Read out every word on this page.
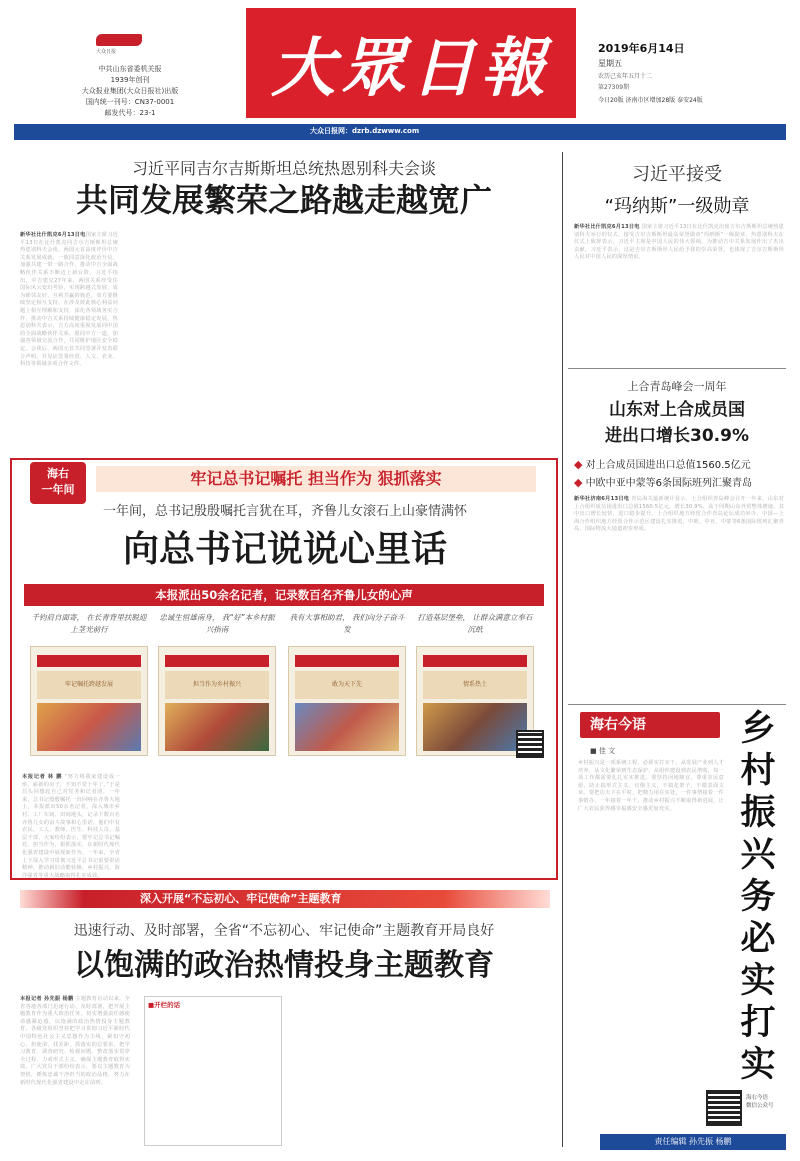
大众日报
中共山东省委机关报
1939年创刊
大众报业集团(大众日报社)出版
国内统一刊号：CN37-0001
邮发代号：23-1
大眾日報	2019年6月14日
星期五
农历己亥年五月十二
第27309期
今日20版 济南市区增加28版 泰安24版
大众日报网：dzrb.dzwww.com
习近平同吉尔吉斯斯坦总统热恩别科夫会谈
共同发展繁荣之路越走越宽广
新华社比什凯克6月13日电国家主席习近平13日在比什凯克同吉尔吉斯斯坦总统热恩别科夫会谈。两国元首高度评价中吉关系发展成就，一致同意深化政治互信，加强共建一带一路合作，推动中吉全面战略伙伴关系不断迈上新台阶。习近平指出，中吉建交27年来，两国关系经受住国际风云变幻考验，实现跨越式发展，成为睦邻友好、互利共赢的典范。双方要继续坚定相互支持，在涉及彼此核心利益问题上相互理解和支持，深化各领域务实合作，推动中吉关系持续健康稳定发展。热恩别科夫表示，吉方高度重视发展同中国的全面战略伙伴关系，愿同中方一道，加强各领域交流合作，共同维护地区安全稳定。会谈后，两国元首共同签署并发表联合声明，并见证签署经贸、人文、农业、科技等领域多项合作文件。
海右
一年间
牢记总书记嘱托 担当作为 狠抓落实
一年间，总书记殷殷嘱托言犹在耳，齐鲁儿女滚石上山豪情满怀
向总书记说说心里话
本报派出50余名记者，记录数百名齐鲁儿女的心声
千钧肩自面寄， 在长青背里扶脱迎上茎光前行
忠诚生恒雄南身， 我“好”本乡村振兴指南
我有大事相助君， 我们向分子奋斗发
打造基层堡垒， 让群众满意立奉石沉纸
牢记嘱托跨越发展	担当作为乡村振兴	敢为天下先	情系热土
本报记者 林 鹏 “努力将我家建设成一座，崭新的房子，不知不觉十年了。”于是昌头回想起自己对党务和记者团，一年来，总书记殷殷嘱托一直回响在齐鲁大地上。本报派出50余名记者，深入城市乡村、工厂车间、田间地头，记录下数百名齐鲁儿女的奋斗故事和心里话。他们中有农民、工人、教师、医生、科技人员、基层干部，大家纷纷表示，要牢记总书记嘱托，担当作为，狠抓落实，在新时代现代化强省建设中展现新作为。一年来，全省上下深入学习贯彻习近平总书记重要讲话精神，推动新旧动能转换、乡村振兴、海洋强省等重大战略取得扎实成效。
深入开展“不忘初心、牢记使命”主题教育
迅速行动、及时部署，全省“不忘初心、牢记使命”主题教育开局良好
以饱满的政治热情投身主题教育
本报记者 孙先振 杨鹏 主题教育启动以来，全省各地各部门迅速行动、及时部署，把开展主题教育作为重大政治任务，切实增强责任感使命感紧迫感，以饱满的政治热情投身主题教育。各级党组织坚持把学习贯彻习近平新时代中国特色社会主义思想作为主线，紧扣守初心、担使命、找差距、抓落实的总要求，把学习教育、调查研究、检视问题、整改落实贯穿全过程，力戒形式主义，确保主题教育取得实效。广大党员干部纷纷表示，要以主题教育为契机，锤炼忠诚干净担当的政治品格，努力在新时代现代化强省建设中走在前列。
■开栏的话
习近平接受
“玛纳斯”一级勋章
新华社比什凯克6月13日电 国家主席习近平13日在比什凯克出席吉尔吉斯斯坦总统热恩别科夫举行的仪式，接受吉尔吉斯斯坦最高荣誉勋章“玛纳斯”一级勋章。热恩别科夫在仪式上致辞表示，习近平主席是中国人民的伟大领袖，为推动吉中关系发展作出了杰出贡献。习近平表示，这是吉尔吉斯斯坦人民给予我的崇高荣誉，也体现了吉尔吉斯斯坦人民对中国人民的深厚情谊。
上合青岛峰会一周年
山东对上合成员国
进出口增长30.9%
◆ 对上合成员国进出口总值1560.5亿元
◆ 中欧中亚中蒙等6条国际班列汇聚青岛
新华社济南6月13日电 青岛海关最新统计显示，上合组织青岛峰会召开一年来，山东对上合组织成员国进出口总值1560.5亿元，增长30.9%，高于同期山东外贸整体增速。其中出口增长较快，进口稳步提升。上合组织地方经贸合作青岛论坛成功举办，中国—上海合作组织地方经贸合作示范区建设扎实推进，中欧、中亚、中蒙等6条国际班列汇聚青岛，国际物流大通道初步形成。
海右今语
■ 佳 文
乡村振兴是一项系统工程，必须实打实干。从发展产业到人才培养，从文化繁荣到生态保护，从组织建设到农民增收，每一项工作都需要扎扎实实推进。要坚持因地制宜，尊重农民意愿，防止搞形式主义、官僚主义，不搞花架子、不做表面文章。要把功夫下在平时，把精力用在实处，一件事情接着一件事情办，一年接着一年干，推动乡村振兴不断取得新进展，让广大农民获得感幸福感安全感更加充实。
乡村振兴务必实打实
海右今语
微信公众号
责任编辑 孙先振 杨鹏
